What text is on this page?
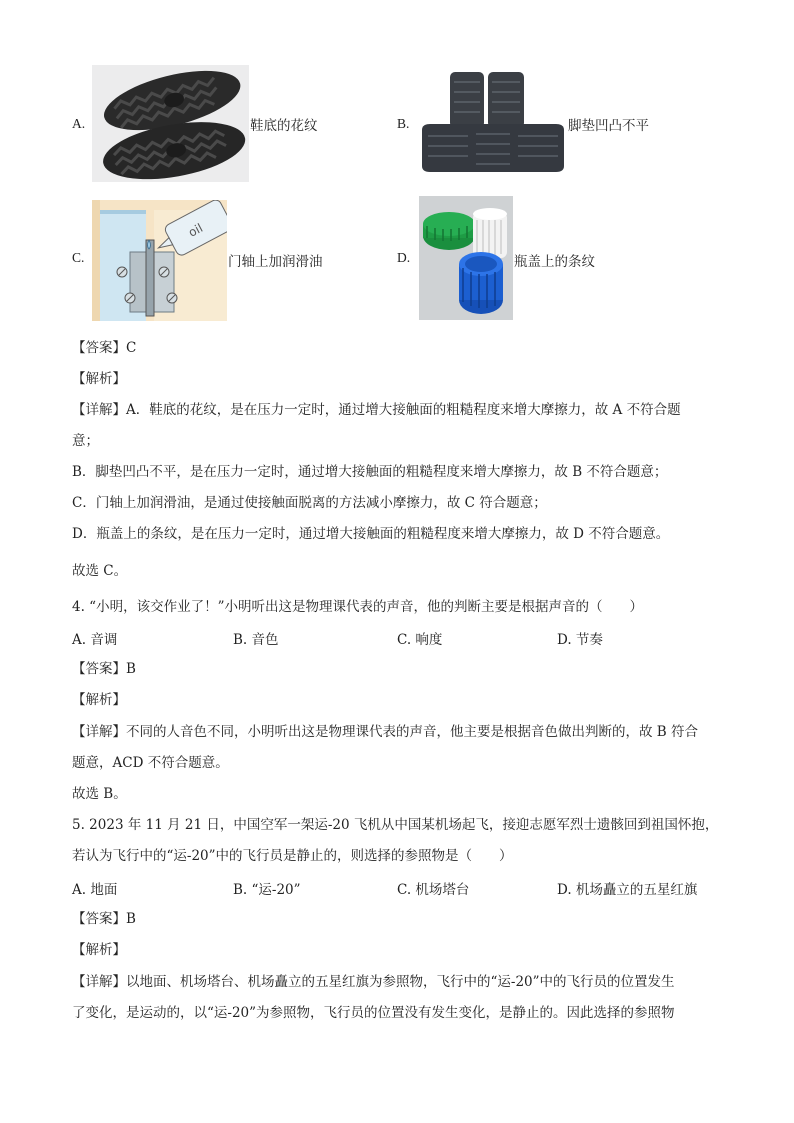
A.	鞋底的花纹	B.	脚垫凹凸不平
C.
oil
门轴上加润滑油	D.	瓶盖上的条纹
【答案】C
【解析】
【详解】A．鞋底的花纹，是在压力一定时，通过增大接触面的粗糙程度来增大摩擦力，故 A 不符合题
意；
B．脚垫凹凸不平，是在压力一定时，通过增大接触面的粗糙程度来增大摩擦力，故 B 不符合题意；
C．门轴上加润滑油，是通过使接触面脱离的方法减小摩擦力，故 C 符合题意；
D．瓶盖上的条纹，是在压力一定时，通过增大接触面的粗糙程度来增大摩擦力，故 D 不符合题意。
故选 C。
4. “小明，该交作业了！”小明听出这是物理课代表的声音，他的判断主要是根据声音的（　　）
A. 音调	B. 音色	C. 响度	D. 节奏
【答案】B
【解析】
【详解】不同的人音色不同，小明听出这是物理课代表的声音，他主要是根据音色做出判断的，故 B 符合
题意，ACD 不符合题意。
故选 B。
5. 2023 年 11 月 21 日，中国空军一架运-20 飞机从中国某机场起飞，接迎志愿军烈士遗骸回到祖国怀抱，
若认为飞行中的“运-20”中的飞行员是静止的，则选择的参照物是（　　）
A. 地面	B. “运-20”	C. 机场塔台	D. 机场矗立的五星红旗
【答案】B
【解析】
【详解】以地面、机场塔台、机场矗立的五星红旗为参照物，飞行中的“运-20”中的飞行员的位置发生
了变化，是运动的，以“运-20”为参照物，飞行员的位置没有发生变化，是静止的。因此选择的参照物
